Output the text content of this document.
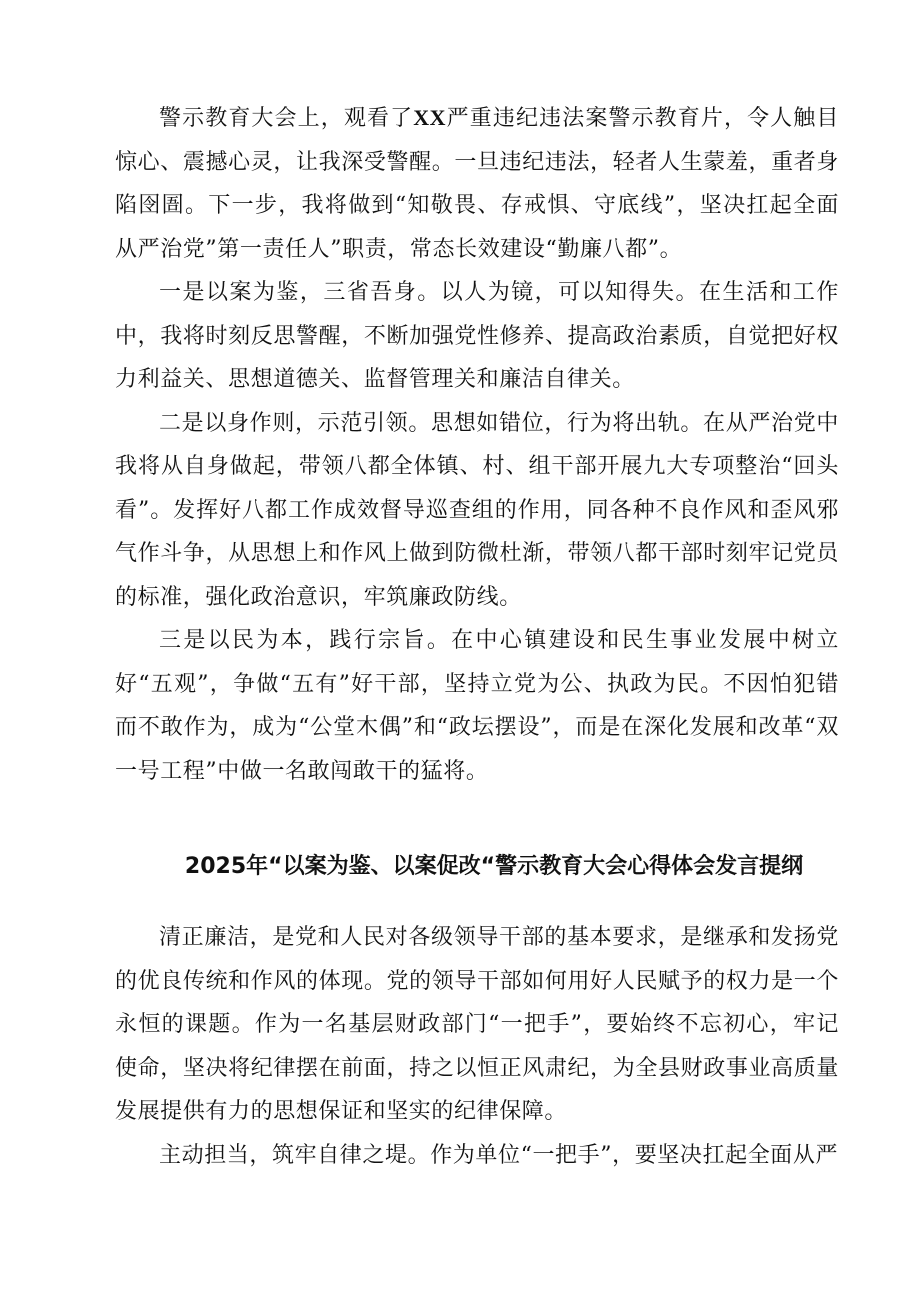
警示教育大会上，观看了XX严重违纪违法案警示教育片，令人触目惊心、震撼心灵，让我深受警醒。一旦违纪违法，轻者人生蒙羞，重者身陷囹圄。下一步，我将做到“知敬畏、存戒惧、守底线”，坚决扛起全面从严治党”第一责任人”职责，常态长效建设“勤廉八都”。

一是以案为鉴，三省吾身。以人为镜，可以知得失。在生活和工作中，我将时刻反思警醒，不断加强党性修养、提高政治素质，自觉把好权力利益关、思想道德关、监督管理关和廉洁自律关。

二是以身作则，示范引领。思想如错位，行为将出轨。在从严治党中我将从自身做起，带领八都全体镇、村、组干部开展九大专项整治“回头看”。发挥好八都工作成效督导巡查组的作用，同各种不良作风和歪风邪气作斗争，从思想上和作风上做到防微杜渐，带领八都干部时刻牢记党员的标准，强化政治意识，牢筑廉政防线。

三是以民为本，践行宗旨。在中心镇建设和民生事业发展中树立好“五观”，争做“五有”好干部，坚持立党为公、执政为民。不因怕犯错而不敢作为，成为“公堂木偶”和“政坛摆设”，而是在深化发展和改革“双一号工程”中做一名敢闯敢干的猛将。

2025年“以案为鉴、以案促改“警示教育大会心得体会发言提纲

清正廉洁，是党和人民对各级领导干部的基本要求，是继承和发扬党的优良传统和作风的体现。党的领导干部如何用好人民赋予的权力是一个永恒的课题。作为一名基层财政部门“一把手”，要始终不忘初心，牢记使命，坚决将纪律摆在前面，持之以恒正风肃纪，为全县财政事业高质量发展提供有力的思想保证和坚实的纪律保障。

主动担当，筑牢自律之堤。作为单位“一把手”，要坚决扛起全面从严
